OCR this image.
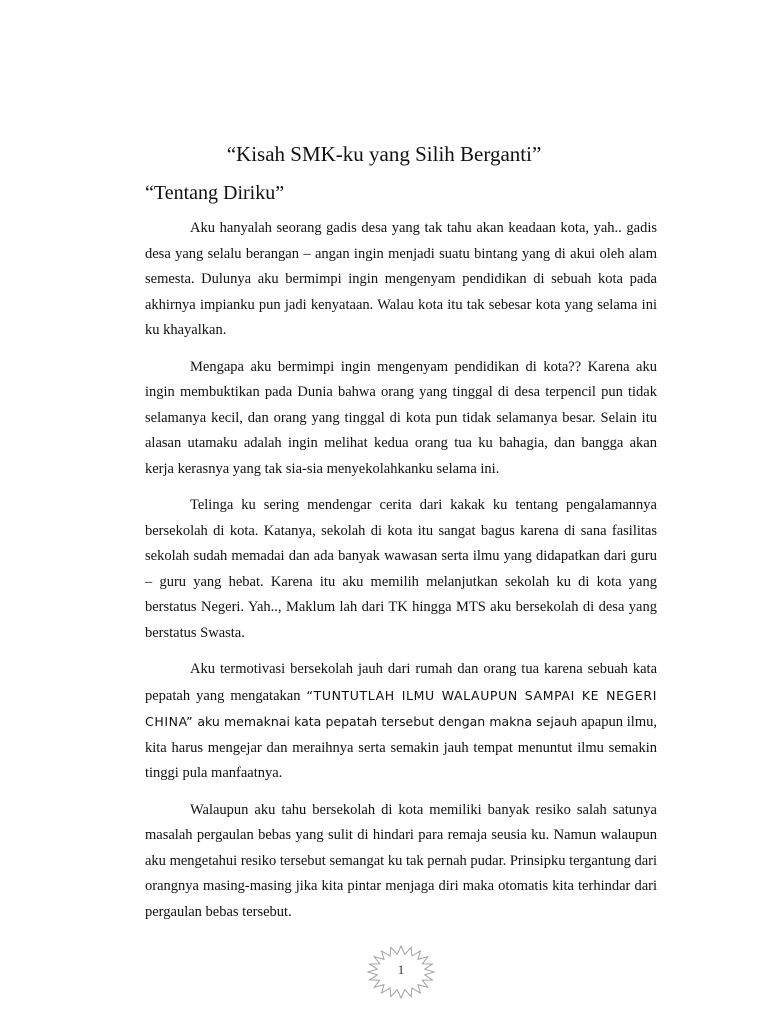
“Kisah SMK-ku yang Silih Berganti”
“Tentang Diriku”

Aku hanyalah seorang gadis desa yang tak tahu akan keadaan kota, yah.. gadis desa yang selalu berangan – angan ingin menjadi suatu bintang yang di akui oleh alam semesta. Dulunya aku bermimpi ingin mengenyam pendidikan di sebuah kota pada akhirnya impianku pun jadi kenyataan. Walau kota itu tak sebesar kota yang selama ini ku khayalkan.

Mengapa aku bermimpi ingin mengenyam pendidikan di kota?? Karena aku ingin membuktikan pada Dunia bahwa orang yang tinggal di desa terpencil pun tidak selamanya kecil, dan orang yang tinggal di kota pun tidak selamanya besar. Selain itu alasan utamaku adalah ingin melihat kedua orang tua ku bahagia, dan bangga akan kerja kerasnya yang tak sia-sia menyekolahkanku selama ini.

Telinga ku sering mendengar cerita dari kakak ku tentang pengalamannya bersekolah di kota. Katanya, sekolah di kota itu sangat bagus karena di sana fasilitas sekolah sudah memadai dan ada banyak wawasan serta ilmu yang didapatkan dari guru – guru yang hebat. Karena itu aku memilih melanjutkan sekolah ku di kota yang berstatus Negeri. Yah.., Maklum lah dari TK hingga MTS aku bersekolah di desa yang berstatus Swasta.

Aku termotivasi bersekolah jauh dari rumah dan orang tua karena sebuah kata pepatah yang mengatakan “TUNTUTLAH ILMU WALAUPUN SAMPAI KE NEGERI CHINA” aku memaknai kata pepatah tersebut dengan makna sejauh apapun ilmu, kita harus mengejar dan meraihnya serta semakin jauh tempat menuntut ilmu semakin tinggi pula manfaatnya.

Walaupun aku tahu bersekolah di kota memiliki banyak resiko salah satunya masalah pergaulan bebas yang sulit di hindari para remaja seusia ku. Namun walaupun aku mengetahui resiko tersebut semangat ku tak pernah pudar. Prinsipku tergantung dari orangnya masing-masing jika kita pintar menjaga diri maka otomatis kita terhindar dari pergaulan bebas tersebut.

1
